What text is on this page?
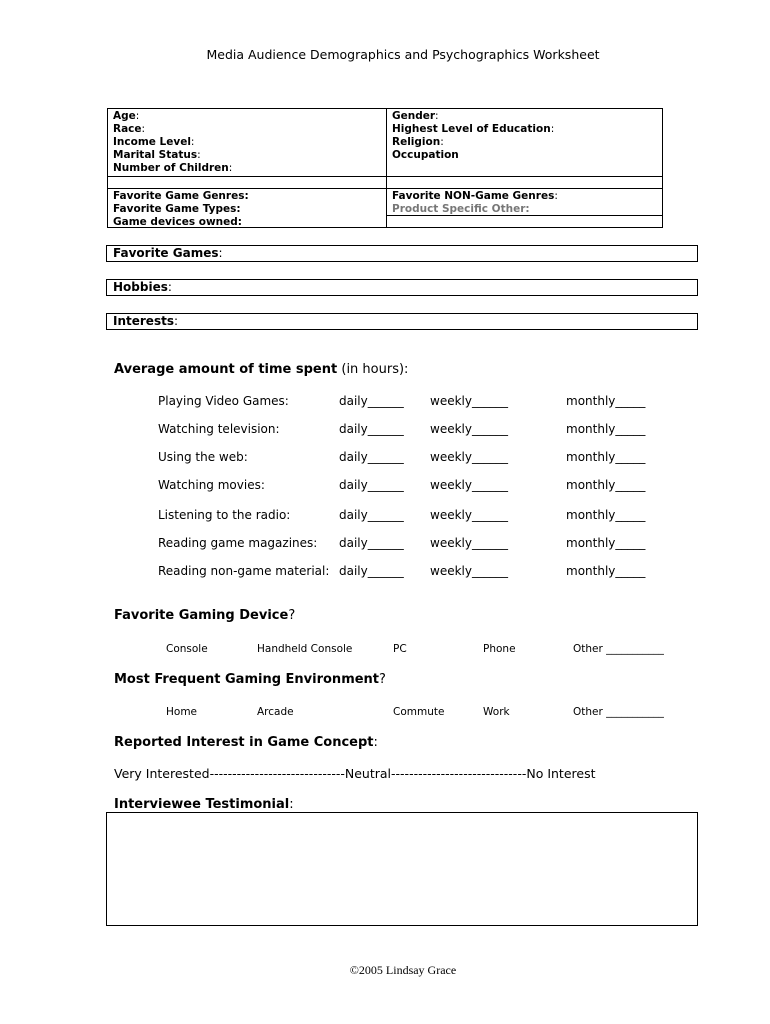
Media Audience Demographics and Psychographics Worksheet
Age:
Race:
Income Level:
Marital Status:
Number of Children:
Gender:
Highest Level of Education:
Religion:
Occupation
Favorite Game Genres:
Favorite Game Types:
Game devices owned:
Favorite NON-Game Genres:
Product Specific Other:
Favorite Games:
Hobbies:
Interests:
Average amount of time spent (in hours):
Playing Video Games:	daily______ weekly______	monthly_____
Watching television:	daily______ weekly______	monthly_____
Using the web:	daily______ weekly______	monthly_____
Watching movies:	daily______ weekly______	monthly_____
Listening to the radio:	daily______ weekly______	monthly_____
Reading game magazines: daily______ weekly______	monthly_____
Reading non-game material: daily______ weekly______	monthly_____
Favorite Gaming Device?
Console	Handheld Console	PC	Phone	Other ___________
Most Frequent Gaming Environment?
Home	Arcade	Commute	Work	Other ___________
Reported Interest in Game Concept:
Very Interested------------------------------Neutral------------------------------No Interest
Interviewee Testimonial:
©2005 Lindsay Grace
